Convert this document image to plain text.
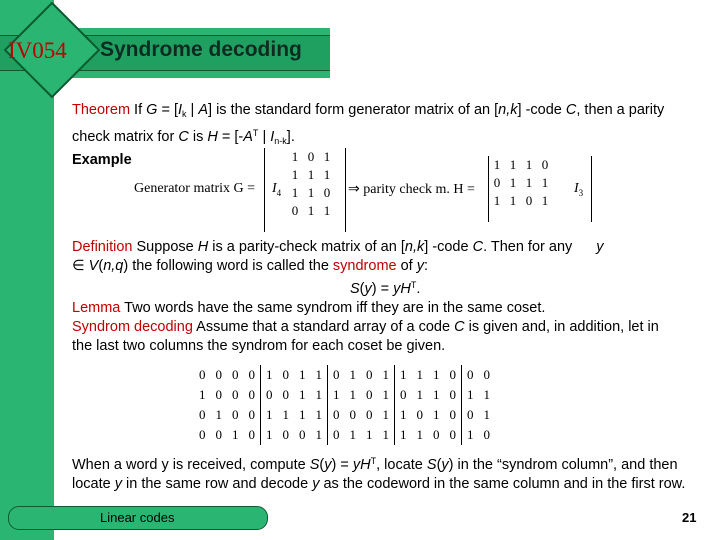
IV054	Syndrome decoding

Theorem If $G = [I_k$ | A] is the standard form generator matrix of an [n,k] -code C, then a parity check matrix for C is $H = [-A^T$ | $I_{n-k}$].

Example

Generator matrix $G = I_4$
1	0	1
1	1	1
1	1	0
0	1	1
⇒ parity check m. H =
1	1	1	0
0	1	1	1
1	1	0	1
$I_3$

Definition Suppose H is a parity-check matrix of an [n,k] -code C. Then for any y
∈ V(n,q) the following word is called the syndrome of y:

$S(y) = yH^T$.

Lemma Two words have the same syndrom iff they are in the same coset.

Syndrom decoding Assume that a standard array of a code C is given and, in addition, let in the last two columns the syndrom for each coset be given.

0	0	0	0	1	0	1	1	0	1	0	1	1	1	1	0	0	0
1	0	0	0	0	0	1	1	1	1	0	1	0	1	1	0	1	1
0	1	0	0	1	1	1	1	0	0	0	1	1	0	1	0	0	1
0	0	1	0	1	0	0	1	0	1	1	1	1	1	0	0	1	0
When a word y is received, compute $S(y) = yH^T$, locate S(y) in the “syndrom column”, and then locate y in the same row and decode y as the codeword in the same column and in the first row.
Linear codes	21
